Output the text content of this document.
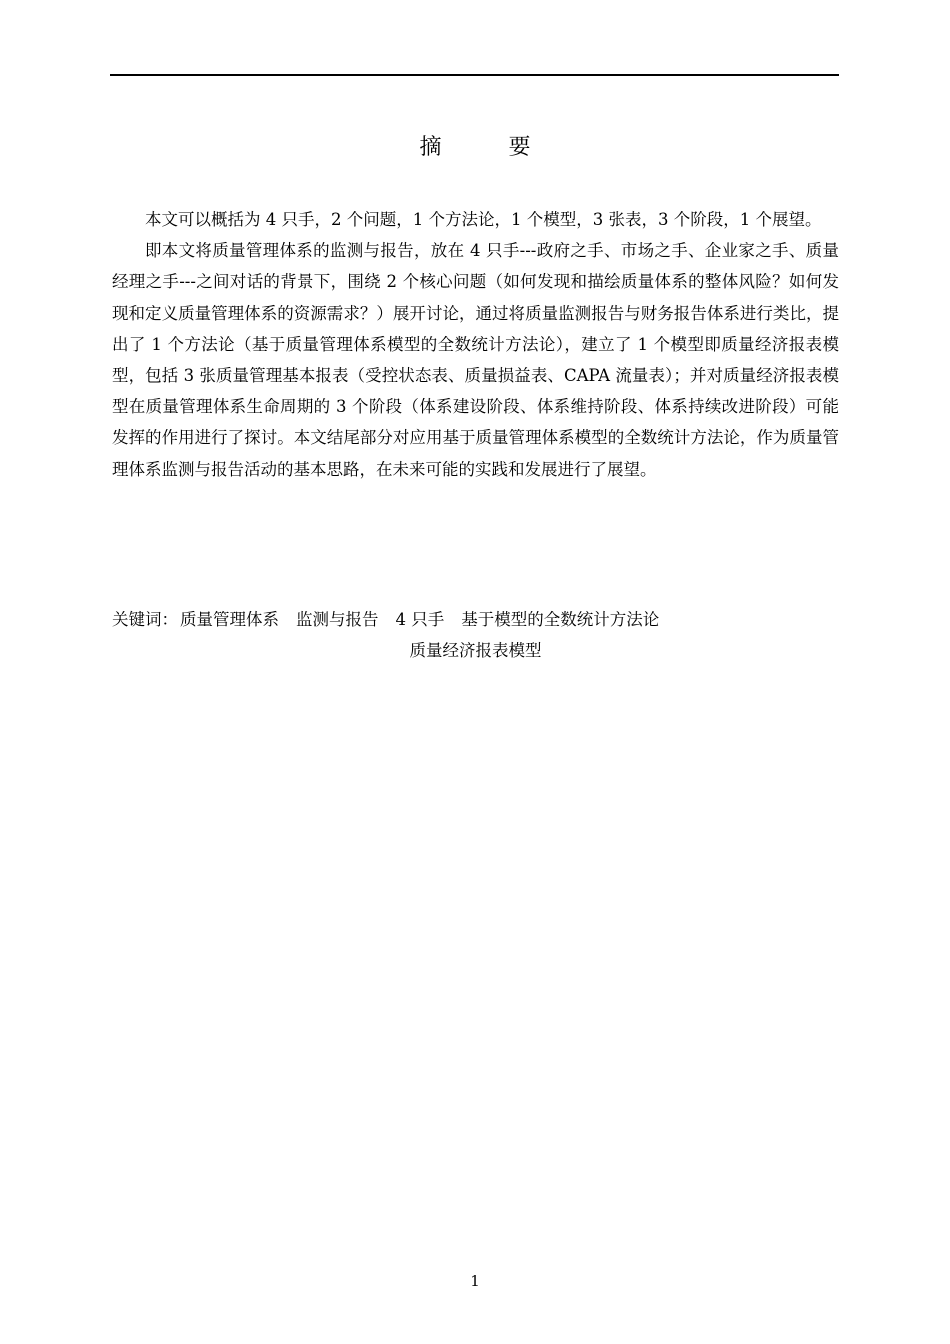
摘 要

本文可以概括为 4 只手，2 个问题，1 个方法论，1 个模型，3 张表，3 个阶段，1 个展望。

即本文将质量管理体系的监测与报告，放在 4 只手---政府之手、市场之手、企业家之手、质量经理之手---之间对话的背景下，围绕 2 个核心问题（如何发现和描绘质量体系的整体风险？如何发现和定义质量管理体系的资源需求？）展开讨论，通过将质量监测报告与财务报告体系进行类比，提出了 1 个方法论（基于质量管理体系模型的全数统计方法论），建立了 1 个模型即质量经济报表模型，包括 3 张质量管理基本报表（受控状态表、质量损益表、CAPA 流量表）；并对质量经济报表模型在质量管理体系生命周期的 3 个阶段（体系建设阶段、体系维持阶段、体系持续改进阶段）可能发挥的作用进行了探讨。本文结尾部分对应用基于质量管理体系模型的全数统计方法论，作为质量管理体系监测与报告活动的基本思路，在未来可能的实践和发展进行了展望。

关键词： 质量管理体系 监测与报告 4 只手 基于模型的全数统计方法论
质量经济报表模型
1
